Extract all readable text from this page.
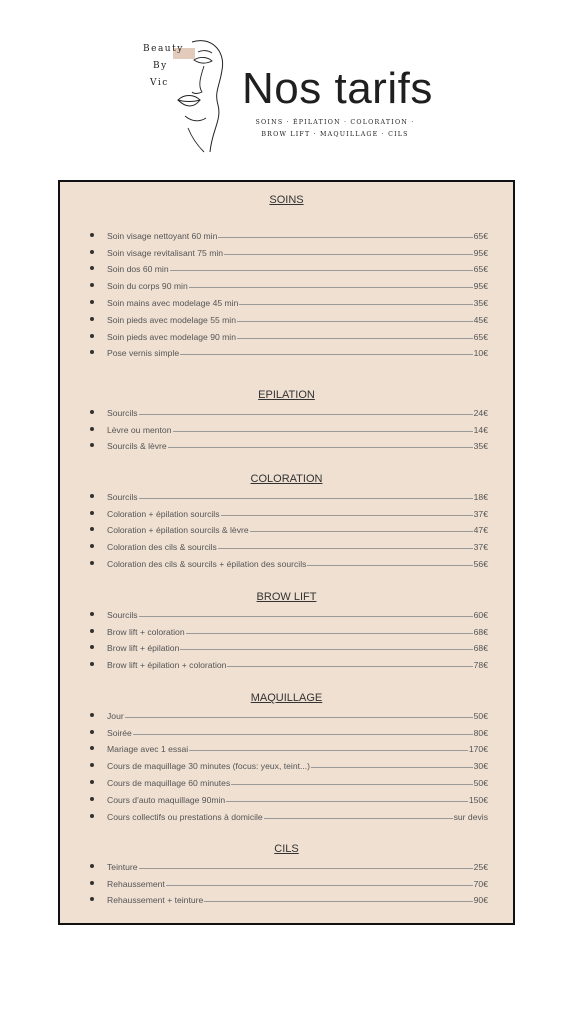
Beauty
By
Vic Nos tarifs
SOINS · ÉPILATION · COLORATION ·
BROW LIFT · MAQUILLAGE · CILS
SOINS
Soin visage nettoyant 60 min	65€
Soin visage revitalisant 75 min	95€
Soin dos 60 min	65€
Soin du corps 90 min	95€
Soin mains avec modelage 45 min	35€
Soin pieds avec modelage 55 min	45€
Soin pieds avec modelage 90 min	65€
Pose vernis simple	10€
EPILATION
Sourcils	24€
Lèvre ou menton	14€
Sourcils & lèvre	35€
COLORATION
Sourcils	18€
Coloration + épilation sourcils	37€
Coloration + épilation sourcils & lèvre	47€
Coloration des cils & sourcils	37€
Coloration des cils & sourcils + épilation des sourcils	56€
BROW LIFT
Sourcils	60€
Brow lift + coloration	68€
Brow lift + épilation	68€
Brow lift + épilation + coloration	78€
MAQUILLAGE
Jour	50€
Soirée	80€
Mariage avec 1 essai	170€
Cours de maquillage 30 minutes (focus: yeux, teint...)	30€
Cours de maquillage 60 minutes	50€
Cours d'auto maquillage 90min	150€
Cours collectifs ou prestations à domicile	sur devis
CILS
Teinture	25€
Rehaussement	70€
Rehaussement + teinture	90€
